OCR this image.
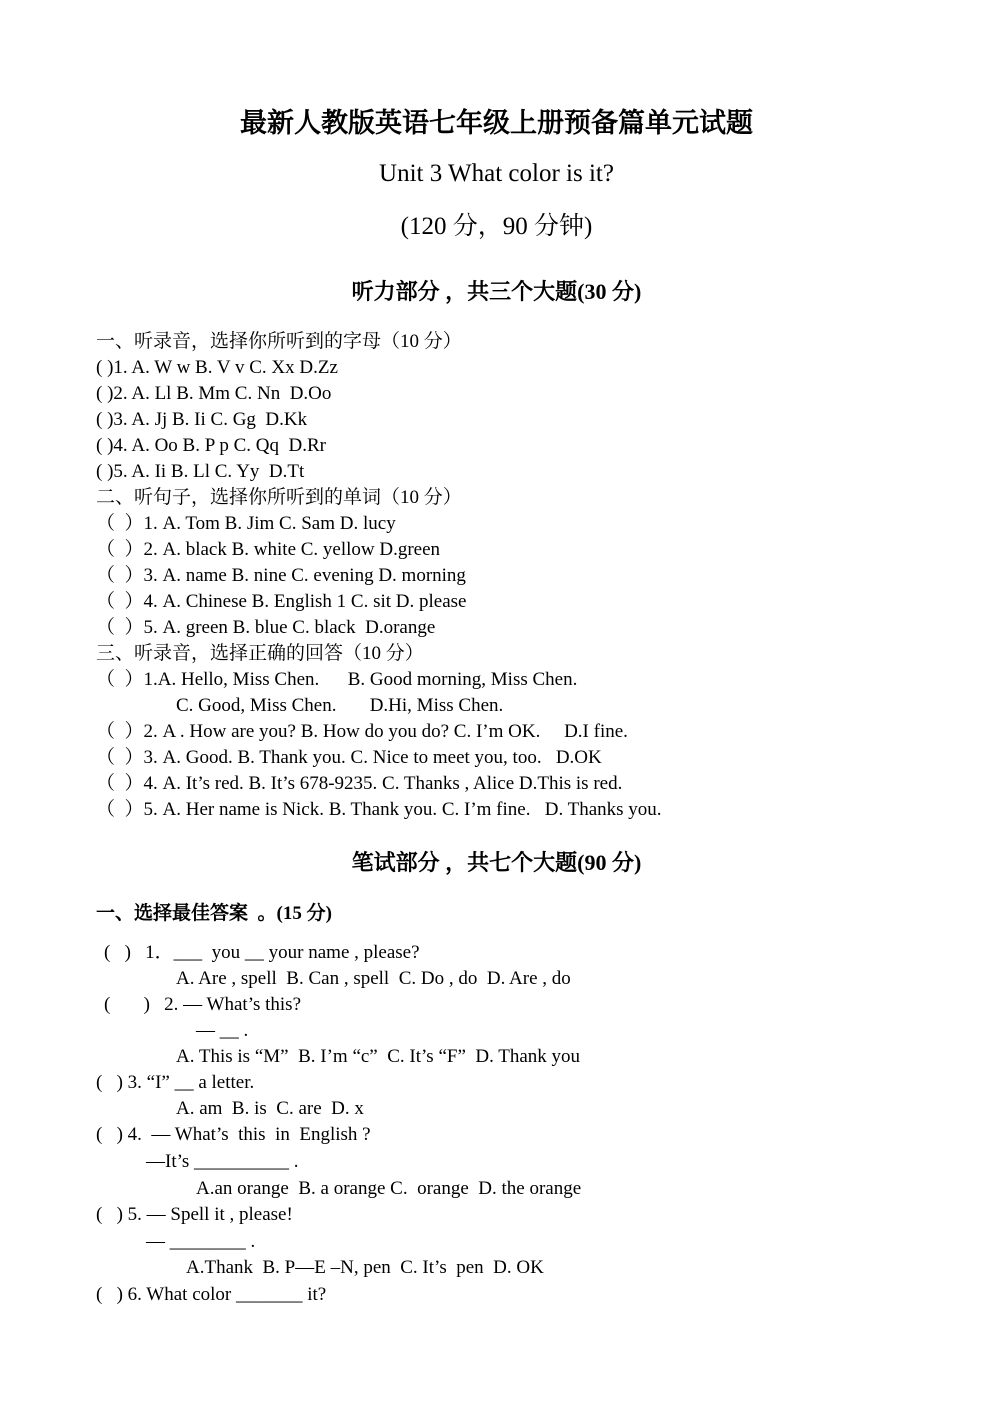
最新人教版英语七年级上册预备篇单元试题
Unit 3 What color is it?
(120 分，90 分钟)
听力部分 ，共三个大题(30 分)
一、听录音，选择你所听到的字母（10 分）
( )1. A. W w B. V v C. Xx D.Zz
( )2. A. Ll B. Mm C. Nn  D.Oo
( )3. A. Jj B. Ii C. Gg  D.Kk
( )4. A. Oo B. P p C. Qq  D.Rr
( )5. A. Ii B. Ll C. Yy  D.Tt
二、听句子，选择你所听到的单词（10 分）
（  ）1. A. Tom B. Jim C. Sam D. lucy
（  ）2. A. black B. white C. yellow D.green
（  ）3. A. name B. nine C. evening D. morning
（  ）4. A. Chinese B. English 1 C. sit D. please
（  ）5. A. green B. blue C. black  D.orange
三、听录音，选择正确的回答（10 分）
（  ）1.A. Hello, Miss Chen.      B. Good morning, Miss Chen.
C. Good, Miss Chen.       D.Hi, Miss Chen.
（  ）2. A . How are you? B. How do you do? C. I’m OK.     D.I fine.
（  ）3. A. Good. B. Thank you. C. Nice to meet you, too.   D.OK
（  ）4. A. It’s red. B. It’s 678-9235. C. Thanks , Alice D.This is red.
（  ）5. A. Her name is Nick. B. Thank you. C. I’m fine.   D. Thanks you.
笔试部分 ，共七个大题(90 分)
一、选择最佳答案  。(15 分)
(   )   1．___  you __ your name , please?
A. Are , spell  B. Can , spell  C. Do , do  D. Are , do
(       )   2. — What’s this?
— __ .
A. This is “M”  B. I’m “c”  C. It’s “F”  D. Thank you
(   ) 3. “I” __ a letter.
A. am  B. is  C. are  D. x
(   ) 4.  — What’s  this  in  English ?
—It’s __________ .
A.an orange  B. a orange C.  orange  D. the orange
(   ) 5. — Spell it , please!
— ________ .
A.Thank  B. P—E –N, pen  C. It’s  pen  D. OK
(   ) 6. What color _______ it?
